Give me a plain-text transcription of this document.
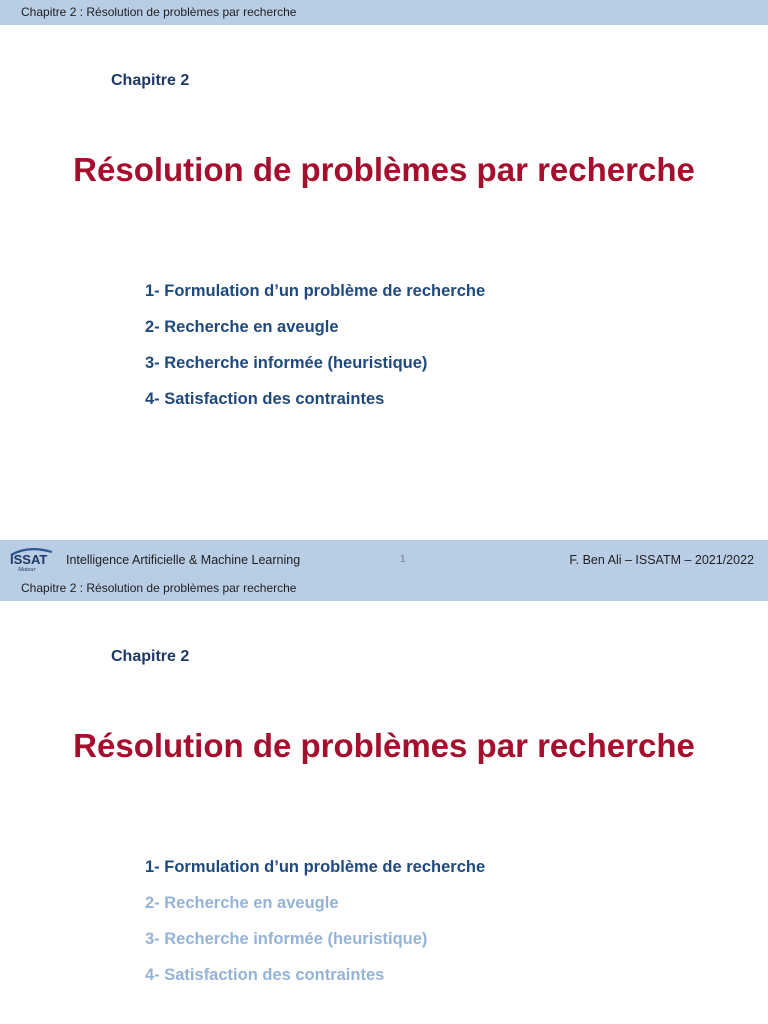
Chapitre 2 : Résolution de problèmes par recherche
Chapitre 2
Résolution de problèmes par recherche
1- Formulation d’un problème de recherche
2- Recherche en aveugle
3- Recherche informée (heuristique)
4- Satisfaction des contraintes
ISSAT
Mateur
Intelligence Artificielle & Machine Learning	1	F. Ben Ali – ISSATM – 2021/2022
Chapitre 2 : Résolution de problèmes par recherche
Chapitre 2
Résolution de problèmes par recherche
1- Formulation d’un problème de recherche
2- Recherche en aveugle
3- Recherche informée (heuristique)
4- Satisfaction des contraintes
